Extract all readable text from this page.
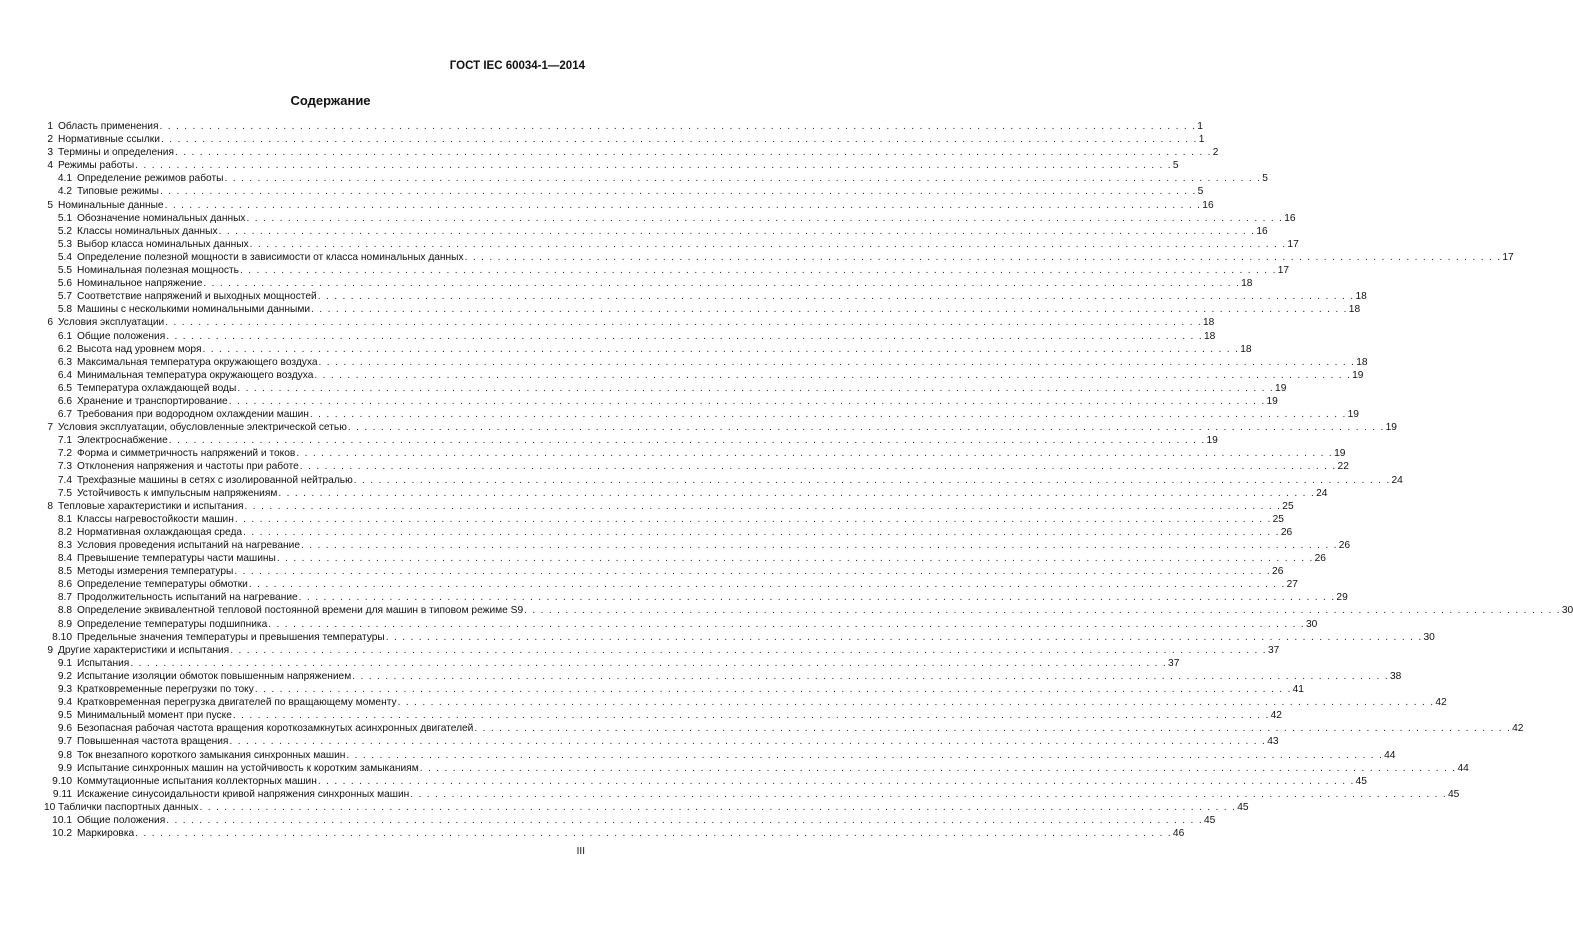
ГОСТ IEC 60034-1—2014
Содержание
1 Область применения . . .	1
2 Нормативные ссылки . . .	1
3 Термины и определения . . .	2
4 Режимы работы . . .	5
4.1 Определение режимов работы . . .	5
4.2 Типовые режимы . . .	5
5 Номинальные данные . . .	16
5.1 Обозначение номинальных данных . . .	16
5.2 Классы номинальных данных . . .	16
5.3 Выбор класса номинальных данных . . .	17
5.4 Определение полезной мощности в зависимости от класса номинальных данных . . .	17
5.5 Номинальная полезная мощность . . .	17
5.6 Номинальное напряжение . . .	18
5.7 Соответствие напряжений и выходных мощностей . . .	18
5.8 Машины с несколькими номинальными данными . . .	18
6 Условия эксплуатации . . .	18
6.1 Общие положения . . .	18
6.2 Высота над уровнем моря . . .	18
6.3 Максимальная температура окружающего воздуха . . .	18
6.4 Минимальная температура окружающего воздуха . . .	19
6.5 Температура охлаждающей воды . . .	19
6.6 Хранение и транспортирование . . .	19
6.7 Требования при водородном охлаждении машин . . .	19
7 Условия эксплуатации, обусловленные электрической сетью . . .	19
7.1 Электроснабжение . . .	19
7.2 Форма и симметричность напряжений и токов . . .	19
7.3 Отклонения напряжения и частоты при работе . . .	22
7.4 Трехфазные машины в сетях с изолированной нейтралью . . .	24
7.5 Устойчивость к импульсным напряжениям . . .	24
8 Тепловые характеристики и испытания . . .	25
8.1 Классы нагревостойкости машин . . .	25
8.2 Нормативная охлаждающая среда . . .	26
8.3 Условия проведения испытаний на нагревание . . .	26
8.4 Превышение температуры части машины . . .	26
8.5 Методы измерения температуры . . .	26
8.6 Определение температуры обмотки . . .	27
8.7 Продолжительность испытаний на нагревание . . .	29
8.8 Определение эквивалентной тепловой постоянной времени для машин в типовом режиме S9 . . .	30
8.9 Определение температуры подшипника . . .	30
8.10 Предельные значения температуры и превышения температуры . . .	30
9 Другие характеристики и испытания . . .	37
9.1 Испытания . . .	37
9.2 Испытание изоляции обмоток повышенным напряжением . . .	38
9.3 Кратковременные перегрузки по току . . .	41
9.4 Кратковременная перегрузка двигателей по вращающему моменту . . .	42
9.5 Минимальный момент при пуске . . .	42
9.6 Безопасная рабочая частота вращения короткозамкнутых асинхронных двигателей . . .	42
9.7 Повышенная частота вращения . . .	43
9.8 Ток внезапного короткого замыкания синхронных машин . . .	44
9.9 Испытание синхронных машин на устойчивость к коротким замыканиям . . .	44
9.10 Коммутационные испытания коллекторных машин . . .	45
9.11 Искажение синусоидальности кривой напряжения синхронных машин . . .	45
10 Таблички паспортных данных . . .	45
10.1 Общие положения . . .	45
10.2 Маркировка . . .	46
III
